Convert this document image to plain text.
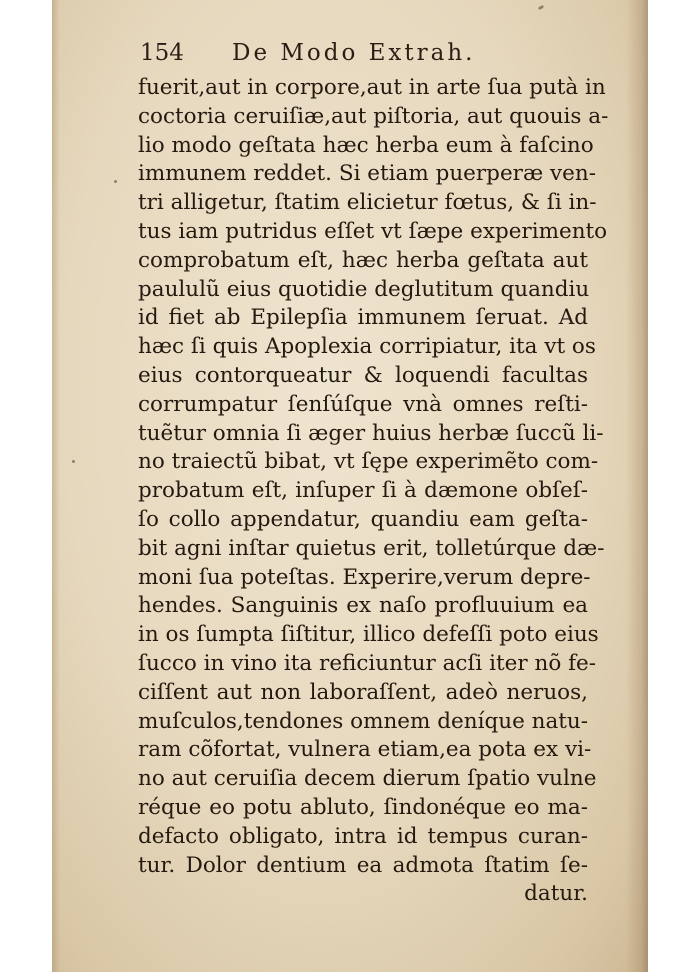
154 De Modo Extrah.
fuerit,aut in corpore,aut in arte ſua putà in
coctoria ceruiſiæ,aut piſtoria, aut quouis a-
lio modo geſtata hæc herba eum à faſcino
immunem reddet. Si etiam puerperæ ven-
tri alligetur, ſtatim elicietur fœtus, & ſi in-
tus iam putridus eſſet vt ſæpe experimento
comprobatum eſt, hæc herba geſtata aut
paululũ eius quotidie deglutitum quandiu
id fiet ab Epilepſia immunem ſeruat. Ad
hæc ſi quis Apoplexia corripiatur, ita vt os
eius contorqueatur & loquendi facultas
corrumpatur ſenſúſque vnà omnes reſti-
tuẽtur omnia ſi æger huius herbæ ſuccũ li-
no traiectũ bibat, vt ſępe experimẽto com-
probatum eſt, inſuper ſi à dæmone obſeſ-
ſo collo appendatur, quandiu eam geſta-
bit agni inſtar quietus erit, tolletúrque dæ-
moni ſua poteſtas. Experire,verum depre-
hendes. Sanguinis ex naſo profluuium ea
in os ſumpta ſiſtitur, illico defeſſi poto eius
ſucco in vino ita reficiuntur acſi iter nõ fe-
ciſſent aut non laboraſſent, adeò neruos,
muſculos,tendones omnem deníque natu-
ram cõfortat, vulnera etiam,ea pota ex vi-
no aut ceruiſia decem dierum ſpatio vulne
réque eo potu abluto, ſindonéque eo ma-
defacto obligato, intra id tempus curan-
tur. Dolor dentium ea admota ſtatim ſe-
datur.
